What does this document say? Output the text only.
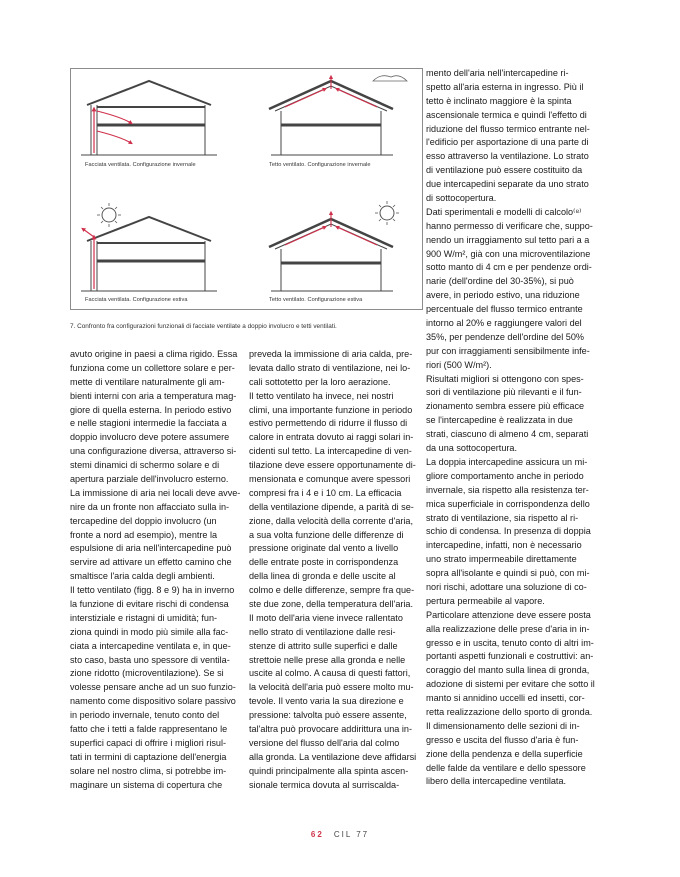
Facciata ventilata. Configurazione invernale	Tetto ventilato. Configurazione invernale
Facciata ventilata. Configurazione estiva	Tetto ventilato. Configurazione estiva
7. Confronto fra configurazioni funzionali di facciate ventilate a doppio involucro e tetti ventilati.
avuto origine in paesi a clima rigido. Essa
funziona come un collettore solare e per-
mette di ventilare naturalmente gli am-
bienti interni con aria a temperatura mag-
giore di quella esterna. In periodo estivo
e nelle stagioni intermedie la facciata a
doppio involucro deve potere assumere
una configurazione diversa, attraverso si-
stemi dinamici di schermo solare e di
apertura parziale dell'involucro esterno.
La immissione di aria nei locali deve avve-
nire da un fronte non affacciato sulla in-
tercapedine del doppio involucro (un
fronte a nord ad esempio), mentre la
espulsione di aria nell'intercapedine può
servire ad attivare un effetto camino che
smaltisce l'aria calda degli ambienti.
Il tetto ventilato (figg. 8 e 9) ha in inverno
la funzione di evitare rischi di condensa
interstiziale e ristagni di umidità; fun-
ziona quindi in modo più simile alla fac-
ciata a intercapedine ventilata e, in que-
sto caso, basta uno spessore di ventila-
zione ridotto (microventilazione). Se si
volesse pensare anche ad un suo funzio-
namento come dispositivo solare passivo
in periodo invernale, tenuto conto del
fatto che i tetti a falde rappresentano le
superfici capaci di offrire i migliori risul-
tati in termini di captazione dell'energia
solare nel nostro clima, si potrebbe im-
maginare un sistema di copertura che
preveda la immissione di aria calda, pre-
levata dallo strato di ventilazione, nei lo-
cali sottotetto per la loro aerazione.
Il tetto ventilato ha invece, nei nostri
climi, una importante funzione in periodo
estivo permettendo di ridurre il flusso di
calore in entrata dovuto ai raggi solari in-
cidenti sul tetto. La intercapedine di ven-
tilazione deve essere opportunamente di-
mensionata e comunque avere spessori
compresi fra i 4 e i 10 cm. La efficacia
della ventilazione dipende, a parità di se-
zione, dalla velocità della corrente d'aria,
a sua volta funzione delle differenze di
pressione originate dal vento a livello
delle entrate poste in corrispondenza
della linea di gronda e delle uscite al
colmo e delle differenze, sempre fra que-
ste due zone, della temperatura dell'aria.
Il moto dell'aria viene invece rallentato
nello strato di ventilazione dalle resi-
stenze di attrito sulle superfici e dalle
strettoie nelle prese alla gronda e nelle
uscite al colmo. A causa di questi fattori,
la velocità dell'aria può essere molto mu-
tevole. Il vento varia la sua direzione e
pressione: talvolta può essere assente,
tal'altra può provocare addirittura una in-
versione del flusso dell'aria dal colmo
alla gronda. La ventilazione deve affidarsi
quindi principalmente alla spinta ascen-
sionale termica dovuta al surriscalda-
mento dell'aria nell'intercapedine ri-
spetto all'aria esterna in ingresso. Più il
tetto è inclinato maggiore è la spinta
ascensionale termica e quindi l'effetto di
riduzione del flusso termico entrante nel-
l'edificio per asportazione di una parte di
esso attraverso la ventilazione. Lo strato
di ventilazione può essere costituito da
due intercapedini separate da uno strato
di sottocopertura.
Dati sperimentali e modelli di calcolo⁽⁸⁾
hanno permesso di verificare che, suppo-
nendo un irraggiamento sul tetto pari a a
900 W/m², già con una microventilazione
sotto manto di 4 cm e per pendenze ordi-
narie (dell'ordine del 30-35%), si può
avere, in periodo estivo, una riduzione
percentuale del flusso termico entrante
intorno al 20% e raggiungere valori del
35%, per pendenze dell'ordine del 50%
pur con irraggiamenti sensibilmente infe-
riori (500 W/m²).
Risultati migliori si ottengono con spes-
sori di ventilazione più rilevanti e il fun-
zionamento sembra essere più efficace
se l'intercapedine è realizzata in due
strati, ciascuno di almeno 4 cm, separati
da una sottocopertura.
La doppia intercapedine assicura un mi-
gliore comportamento anche in periodo
invernale, sia rispetto alla resistenza ter-
mica superficiale in corrispondenza dello
strato di ventilazione, sia rispetto al ri-
schio di condensa. In presenza di doppia
intercapedine, infatti, non è necessario
uno strato impermeabile direttamente
sopra all'isolante e quindi si può, con mi-
nori rischi, adottare una soluzione di co-
pertura permeabile al vapore.
Particolare attenzione deve essere posta
alla realizzazione delle prese d'aria in in-
gresso e in uscita, tenuto conto di altri im-
portanti aspetti funzionali e costruttivi: an-
coraggio del manto sulla linea di gronda,
adozione di sistemi per evitare che sotto il
manto si annidino uccelli ed insetti, cor-
retta realizzazione dello sporto di gronda.
Il dimensionamento delle sezioni di in-
gresso e uscita del flusso d'aria è fun-
zione della pendenza e della superficie
delle falde da ventilare e dello spessore
libero della intercapedine ventilata.
62 CIL 77
